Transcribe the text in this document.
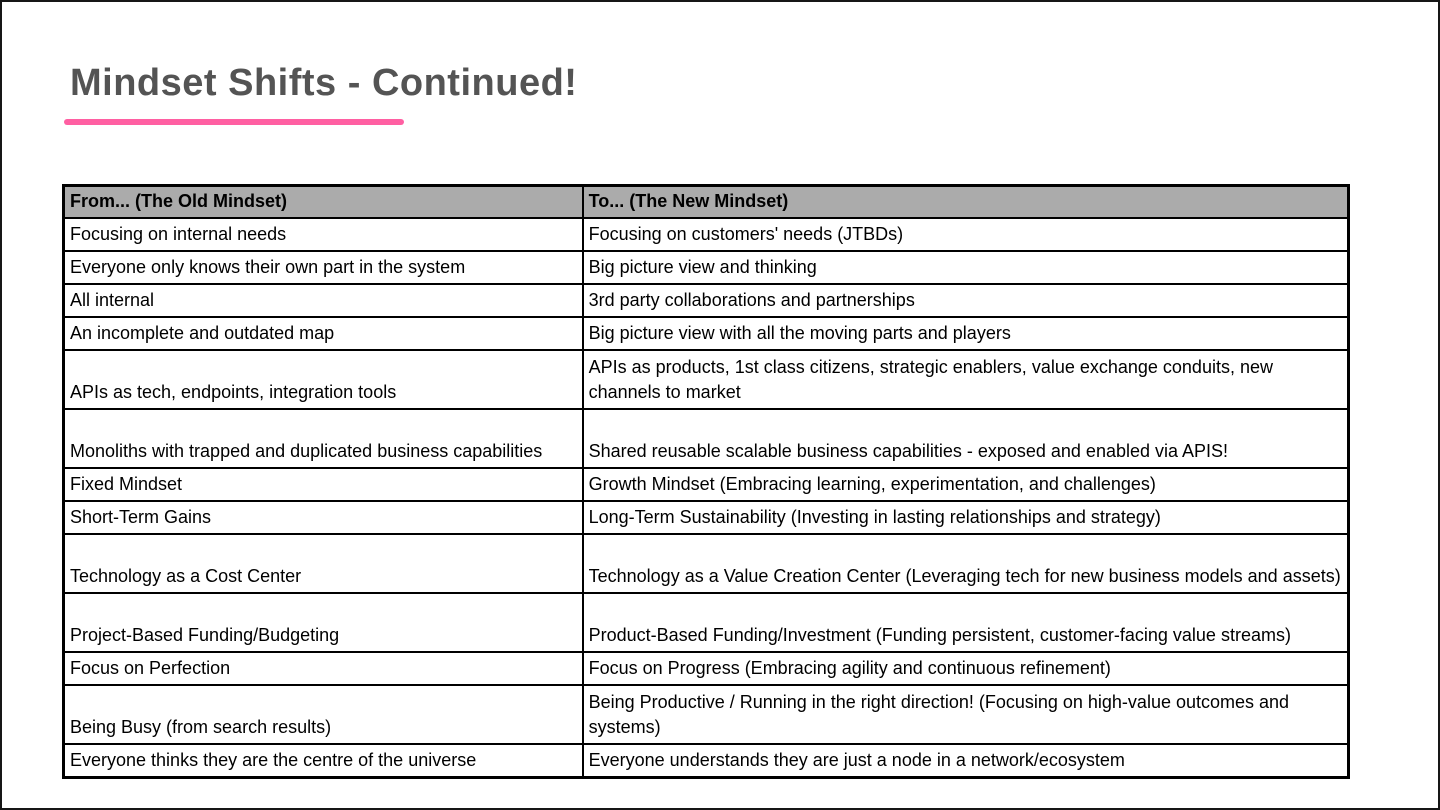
Mindset Shifts - Continued!
From... (The Old Mindset)	To... (The New Mindset)
Focusing on internal needs	Focusing on customers' needs (JTBDs)
Everyone only knows their own part in the system	Big picture view and thinking
All internal	3rd party collaborations and partnerships
An incomplete and outdated map	Big picture view with all the moving parts and players
APIs as tech, endpoints, integration tools	APIs as products, 1st class citizens, strategic enablers, value exchange conduits, new channels to market
Monoliths with trapped and duplicated business capabilities	Shared reusable scalable business capabilities - exposed and enabled via APIS!
Fixed Mindset	Growth Mindset (Embracing learning, experimentation, and challenges)
Short-Term Gains	Long-Term Sustainability (Investing in lasting relationships and strategy)
Technology as a Cost Center	Technology as a Value Creation Center (Leveraging tech for new business models and assets)
Project-Based Funding/Budgeting	Product-Based Funding/Investment (Funding persistent, customer-facing value streams)
Focus on Perfection	Focus on Progress (Embracing agility and continuous refinement)
Being Busy (from search results)	Being Productive / Running in the right direction! (Focusing on high-value outcomes and systems)
Everyone thinks they are the centre of the universe	Everyone understands they are just a node in a network/ecosystem
